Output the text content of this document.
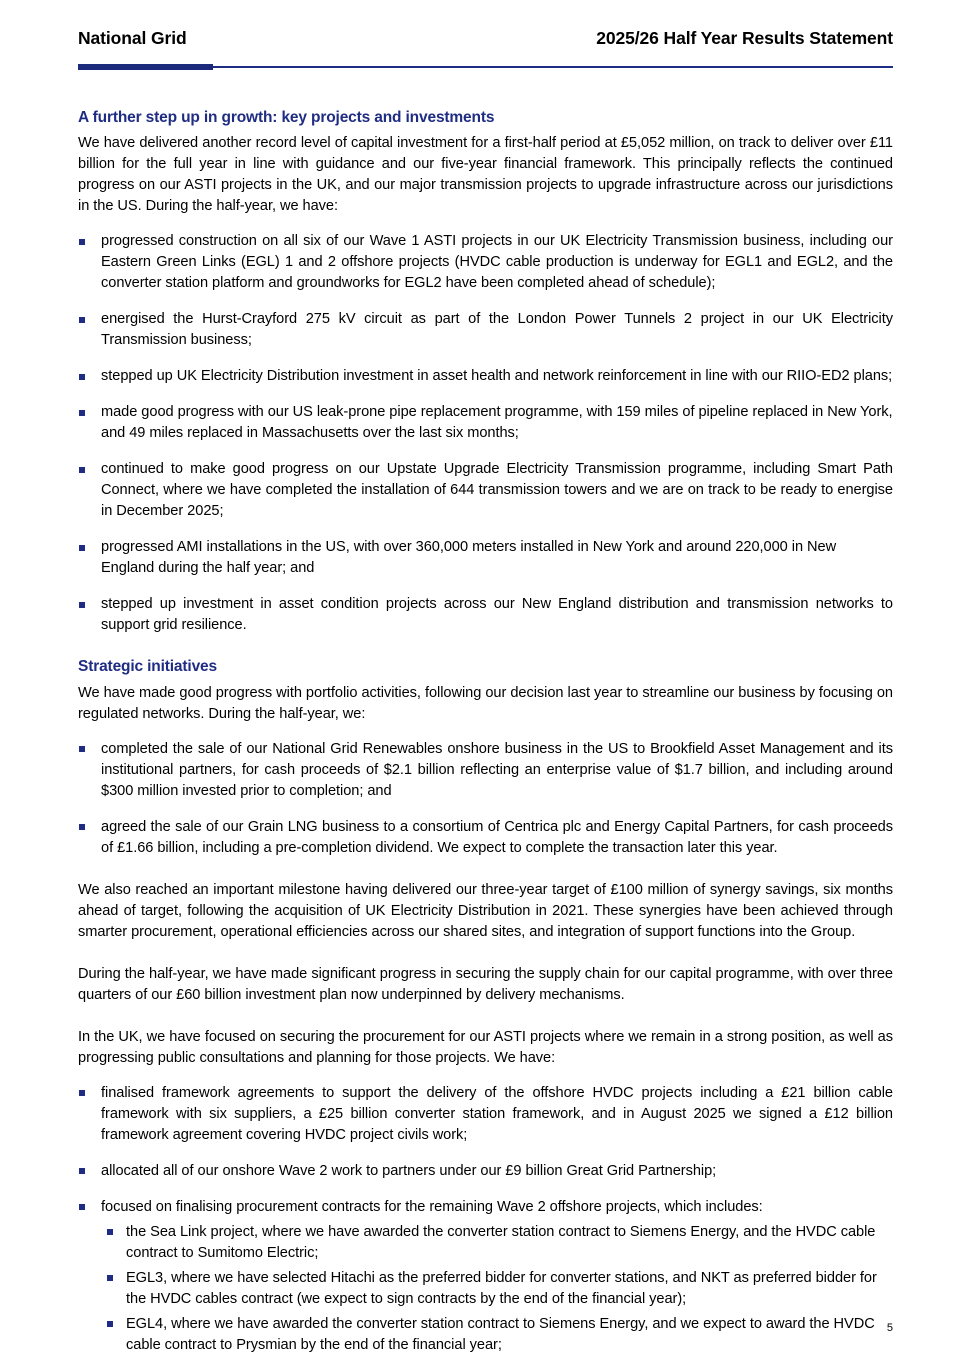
National Grid	2025/26 Half Year Results Statement
A further step up in growth: key projects and investments

We have delivered another record level of capital investment for a first-half period at £5,052 million, on track to deliver over £11 billion for the full year in line with guidance and our five-year financial framework. This principally reflects the continued progress on our ASTI projects in the UK, and our major transmission projects to upgrade infrastructure across our jurisdictions in the US. During the half-year, we have:

progressed construction on all six of our Wave 1 ASTI projects in our UK Electricity Transmission business, including our Eastern Green Links (EGL) 1 and 2 offshore projects (HVDC cable production is underway for EGL1 and EGL2, and the converter station platform and groundworks for EGL2 have been completed ahead of schedule);
energised the Hurst-Crayford 275 kV circuit as part of the London Power Tunnels 2 project in our UK Electricity Transmission business;
stepped up UK Electricity Distribution investment in asset health and network reinforcement in line with our RIIO-ED2 plans;
made good progress with our US leak-prone pipe replacement programme, with 159 miles of pipeline replaced in New York, and 49 miles replaced in Massachusetts over the last six months;
continued to make good progress on our Upstate Upgrade Electricity Transmission programme, including Smart Path Connect, where we have completed the installation of 644 transmission towers and we are on track to be ready to energise in December 2025;
progressed AMI installations in the US, with over 360,000 meters installed in New York and around 220,000 in New England during the half year; and
stepped up investment in asset condition projects across our New England distribution and transmission networks to support grid resilience.
Strategic initiatives

We have made good progress with portfolio activities, following our decision last year to streamline our business by focusing on regulated networks. During the half-year, we:

completed the sale of our National Grid Renewables onshore business in the US to Brookfield Asset Management and its institutional partners, for cash proceeds of $2.1 billion reflecting an enterprise value of $1.7 billion, and including around $300 million invested prior to completion; and
agreed the sale of our Grain LNG business to a consortium of Centrica plc and Energy Capital Partners, for cash proceeds of £1.66 billion, including a pre-completion dividend. We expect to complete the transaction later this year.

We also reached an important milestone having delivered our three-year target of £100 million of synergy savings, six months ahead of target, following the acquisition of UK Electricity Distribution in 2021. These synergies have been achieved through smarter procurement, operational efficiencies across our shared sites, and integration of support functions into the Group.

During the half-year, we have made significant progress in securing the supply chain for our capital programme, with over three quarters of our £60 billion investment plan now underpinned by delivery mechanisms.

In the UK, we have focused on securing the procurement for our ASTI projects where we remain in a strong position, as well as progressing public consultations and planning for those projects. We have:

finalised framework agreements to support the delivery of the offshore HVDC projects including a £21 billion cable framework with six suppliers, a £25 billion converter station framework, and in August 2025 we signed a £12 billion framework agreement covering HVDC project civils work;
allocated all of our onshore Wave 2 work to partners under our £9 billion Great Grid Partnership;
focused on finalising procurement contracts for the remaining Wave 2 offshore projects, which includes:
the Sea Link project, where we have awarded the converter station contract to Siemens Energy, and the HVDC cable contract to Sumitomo Electric;
EGL3, where we have selected Hitachi as the preferred bidder for converter stations, and NKT as preferred bidder for the HVDC cables contract (we expect to sign contracts by the end of the financial year);
EGL4, where we have awarded the converter station contract to Siemens Energy, and we expect to award the HVDC cable contract to Prysmian by the end of the financial year;
5
